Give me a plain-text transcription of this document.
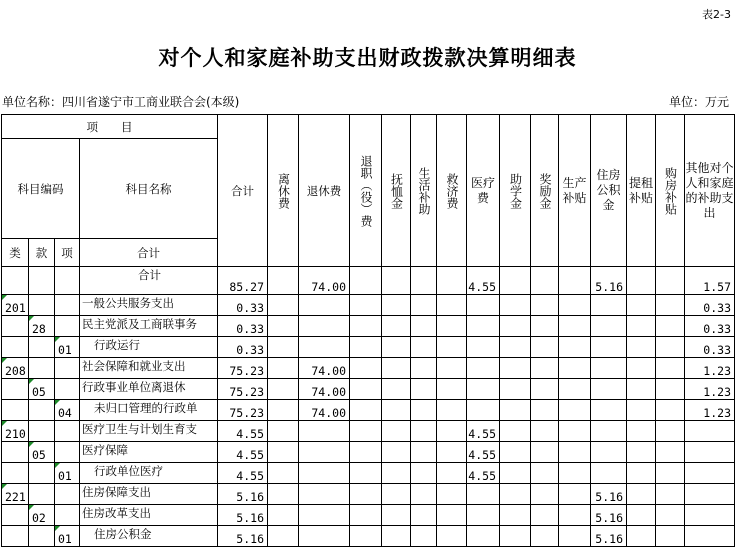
表2-3
对个人和家庭补助支出财政拨款决算明细表
单位名称：四川省遂宁市工商业联合会(本级)	单位：万元
项　　目				合计	离休费	退休费	退职（役）费	抚恤金	生活补助	救济费	医疗费	助学金	奖励金	生产补贴	住房公积金	提租补贴	购房补贴	其他对个人和家庭的补助支出

科目编码			科目名称															
类	款	项	合计															
			合计	85.27		74.00					4.55				5.16			1.57
201			一般公共服务支出	0.33														0.33
	28		民主党派及工商联事务	0.33														0.33
		01	行政运行	0.33														0.33
208			社会保障和就业支出	75.23		74.00												1.23
	05		行政事业单位离退休	75.23		74.00												1.23
		04	未归口管理的行政单	75.23		74.00												1.23
210			医疗卫生与计划生育支	4.55							4.55							
	05		医疗保障	4.55							4.55							
		01	行政单位医疗	4.55							4.55							
221			住房保障支出	5.16											5.16			
	02		住房改革支出	5.16											5.16			
		01	住房公积金	5.16											5.16			
